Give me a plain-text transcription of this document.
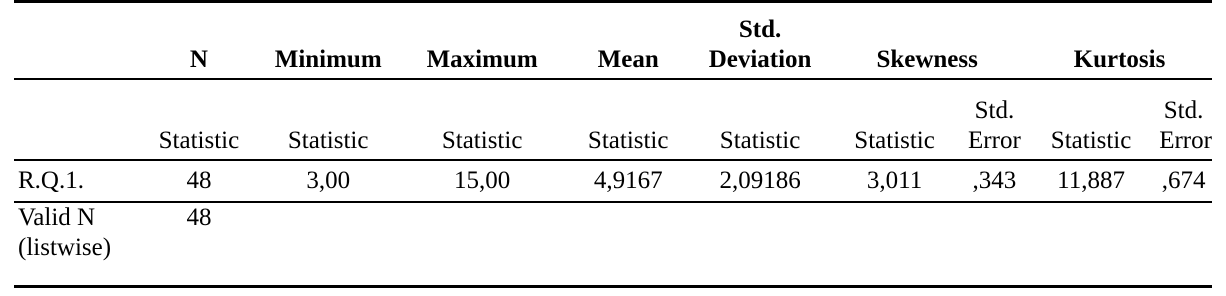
	N	Minimum	Maximum	Mean	Std. Deviation	Skewness		Kurtosis	
	Statistic	Statistic	Statistic	Statistic	Statistic	Statistic	Std. Error	Statistic	Std. Error
R.Q.1.	48	3,00	15,00	4,9167	2,09186	3,011	,343	11,887	,674
Valid N (listwise)	48								
